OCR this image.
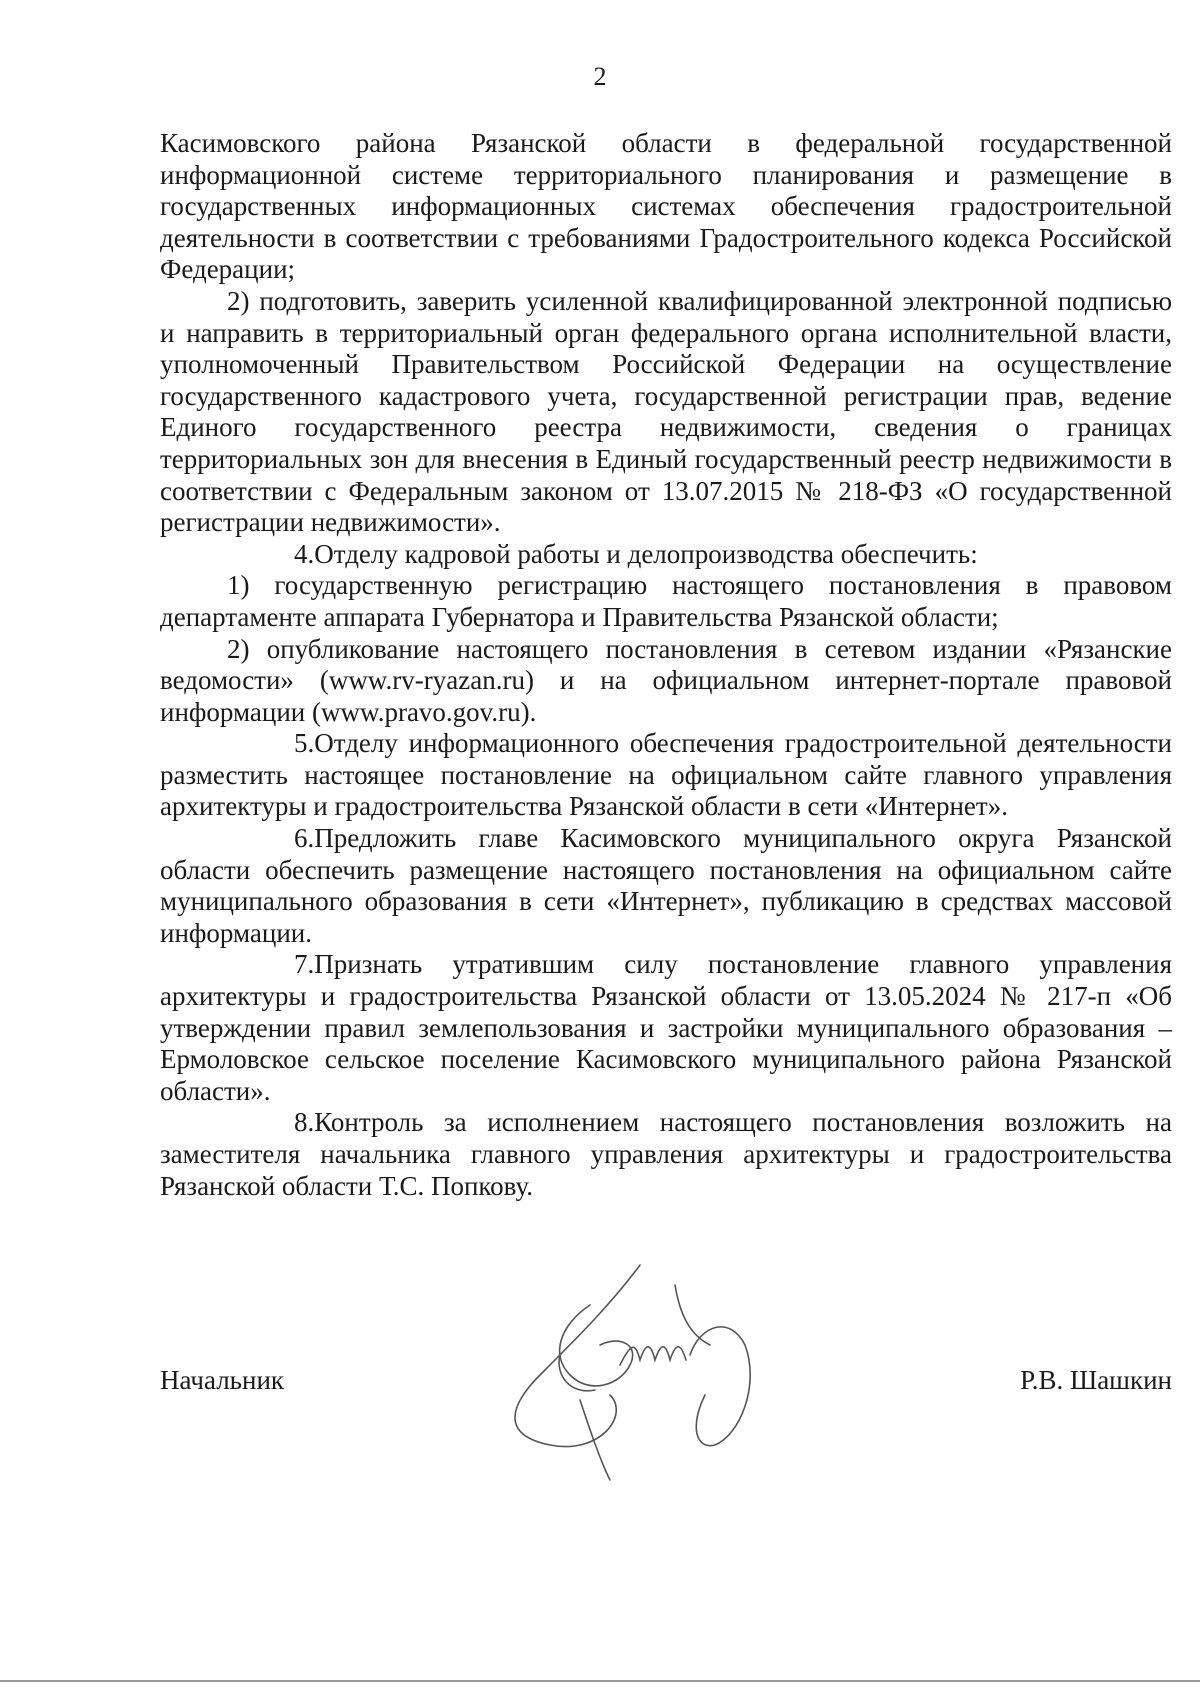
2

Касимовского района Рязанской области в федеральной государственной информационной системе территориального планирования и размещение в государственных информационных системах обеспечения градостроительной деятельности в соответствии с требованиями Градостроительного кодекса Российской Федерации;

2) подготовить, заверить усиленной квалифицированной электронной подписью и направить в территориальный орган федерального органа исполнительной власти, уполномоченный Правительством Российской Федерации на осуществление государственного кадастрового учета, государственной регистрации прав, ведение Единого государственного реестра недвижимости, сведения о границах территориальных зон для внесения в Единый государственный реестр недвижимости в соответствии с Федеральным законом от 13.07.2015 № 218-ФЗ «О государственной регистрации недвижимости».

4.Отделу кадровой работы и делопроизводства обеспечить:

1) государственную регистрацию настоящего постановления в правовом департаменте аппарата Губернатора и Правительства Рязанской области;

2) опубликование настоящего постановления в сетевом издании «Рязанские ведомости» (www.rv-ryazan.ru) и на официальном интернет-портале правовой информации (www.pravo.gov.ru).

5.Отделу информационного обеспечения градостроительной деятельности разместить настоящее постановление на официальном сайте главного управления архитектуры и градостроительства Рязанской области в сети «Интернет».

6.Предложить главе Касимовского муниципального округа Рязанской области обеспечить размещение настоящего постановления на официальном сайте муниципального образования в сети «Интернет», публикацию в средствах массовой информации.

7.Признать утратившим силу постановление главного управления архитектуры и градостроительства Рязанской области от 13.05.2024 № 217-п «Об утверждении правил землепользования и застройки муниципального образования – Ермоловское сельское поселение Касимовского муниципального района Рязанской области».

8.Контроль за исполнением настоящего постановления возложить на заместителя начальника главного управления архитектуры и градостроительства Рязанской области Т.С. Попкову.

Начальник	Р.В. Шашкин
